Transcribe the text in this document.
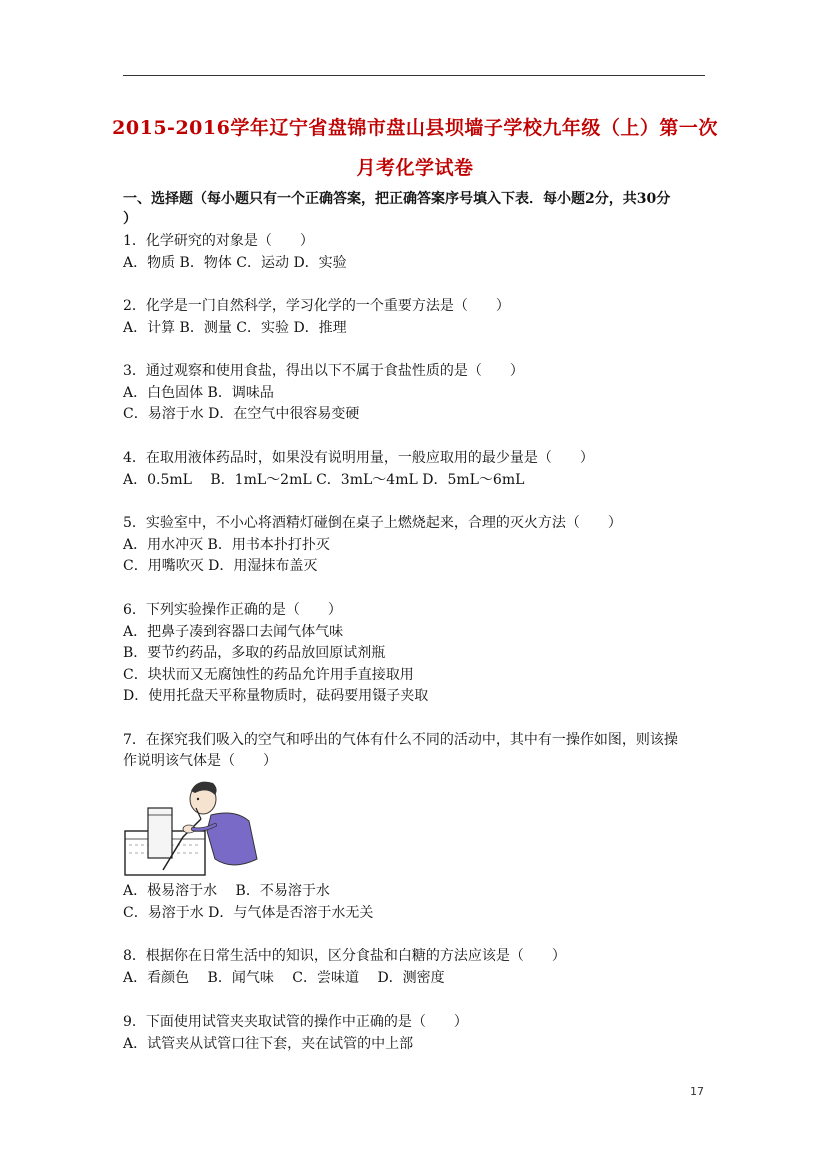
2015-2016学年辽宁省盘锦市盘山县坝墙子学校九年级（上）第一次
月考化学试卷
一、选择题（每小题只有一个正确答案，把正确答案序号填入下表．每小题2分，共30分
）
1．化学研究的对象是（　　）
A．物质 B．物体 C．运动 D．实验
2．化学是一门自然科学，学习化学的一个重要方法是（　　）
A．计算 B．测量 C．实验 D．推理
3．通过观察和使用食盐，得出以下不属于食盐性质的是（　　）
A．白色固体 B．调味品
C．易溶于水 D．在空气中很容易变硬
4．在取用液体药品时，如果没有说明用量，一般应取用的最少量是（　　）
A．0.5mL　 B．1mL～2mL C．3mL～4mL D．5mL～6mL
5．实验室中，不小心将酒精灯碰倒在桌子上燃烧起来，合理的灭火方法（　　）
A．用水冲灭 B．用书本扑打扑灭
C．用嘴吹灭 D．用湿抹布盖灭
6．下列实验操作正确的是（　　）
A．把鼻子凑到容器口去闻气体气味
B．要节约药品，多取的药品放回原试剂瓶
C．块状而又无腐蚀性的药品允许用手直接取用
D．使用托盘天平称量物质时，砝码要用镊子夹取
7．在探究我们吸入的空气和呼出的气体有什么不同的活动中，其中有一操作如图，则该操
作说明该气体是（　　）
A．极易溶于水　 B．不易溶于水
C．易溶于水 D．与气体是否溶于水无关
8．根据你在日常生活中的知识，区分食盐和白糖的方法应该是（　　）
A．看颜色　 B．闻气味　 C．尝味道　 D．测密度
9．下面使用试管夹夹取试管的操作中正确的是（　　）
A．试管夹从试管口往下套，夹在试管的中上部
17
